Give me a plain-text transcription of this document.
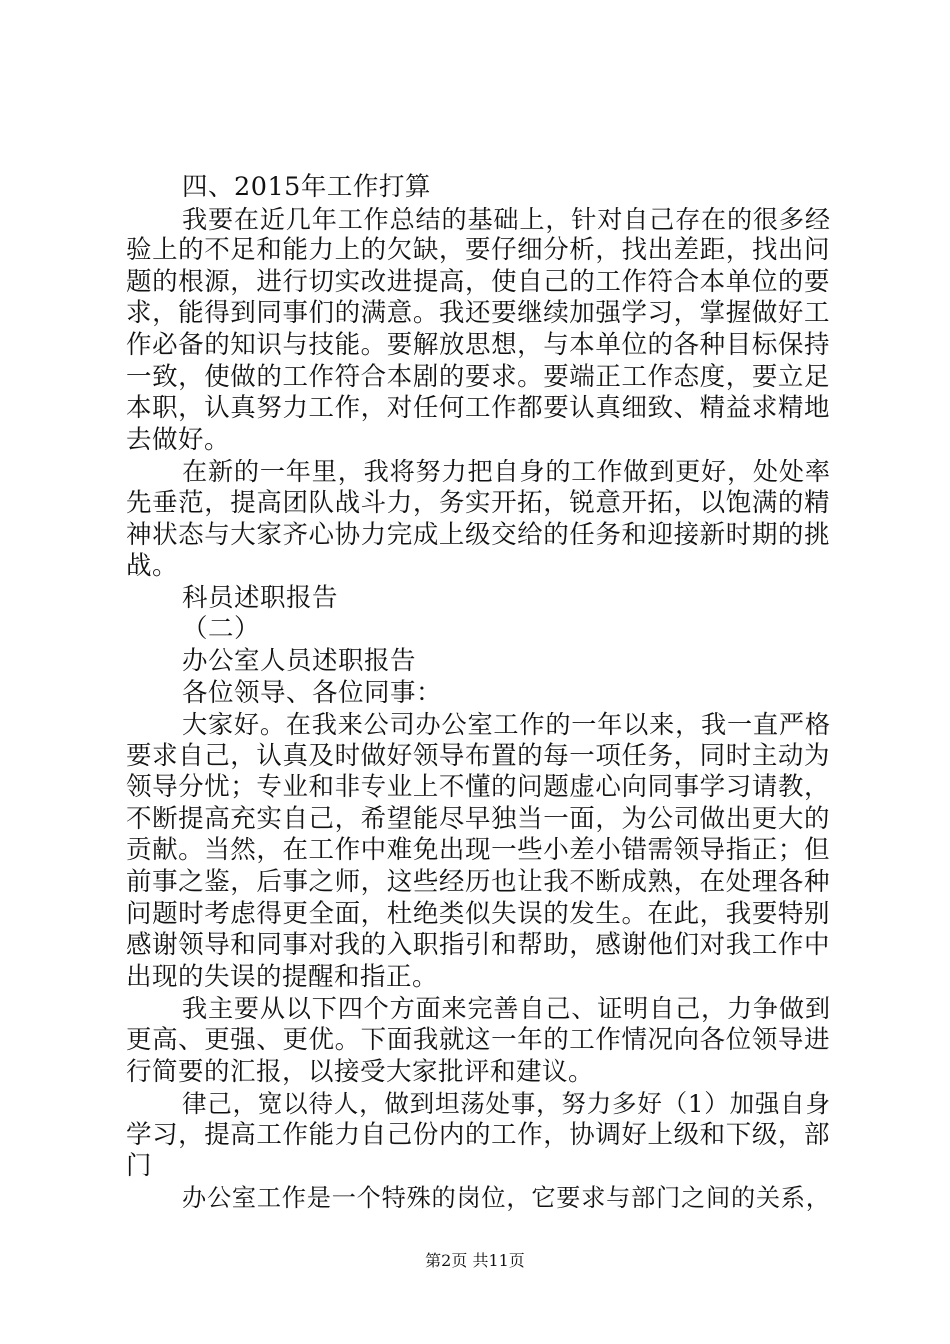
四、2015年工作打算
我要在近几年工作总结的基础上，针对自己存在的很多经
验上的不足和能力上的欠缺，要仔细分析，找出差距，找出问
题的根源，进行切实改进提高，使自己的工作符合本单位的要
求，能得到同事们的满意。我还要继续加强学习，掌握做好工
作必备的知识与技能。要解放思想，与本单位的各种目标保持
一致，使做的工作符合本剧的要求。要端正工作态度，要立足
本职，认真努力工作，对任何工作都要认真细致、精益求精地
去做好。
在新的一年里，我将努力把自身的工作做到更好，处处率
先垂范，提高团队战斗力，务实开拓，锐意开拓，以饱满的精
神状态与大家齐心协力完成上级交给的任务和迎接新时期的挑
战。
科员述职报告
（二）
办公室人员述职报告
各位领导、各位同事：
大家好。在我来公司办公室工作的一年以来，我一直严格
要求自己，认真及时做好领导布置的每一项任务，同时主动为
领导分忧；专业和非专业上不懂的问题虚心向同事学习请教，
不断提高充实自己，希望能尽早独当一面，为公司做出更大的
贡献。当然，在工作中难免出现一些小差小错需领导指正；但
前事之鉴，后事之师，这些经历也让我不断成熟，在处理各种
问题时考虑得更全面，杜绝类似失误的发生。在此，我要特别
感谢领导和同事对我的入职指引和帮助，感谢他们对我工作中
出现的失误的提醒和指正。
我主要从以下四个方面来完善自己、证明自己，力争做到
更高、更强、更优。下面我就这一年的工作情况向各位领导进
行简要的汇报，以接受大家批评和建议。
律己，宽以待人，做到坦荡处事，努力多好（1）加强自身
学习，提高工作能力自己份内的工作，协调好上级和下级，部
门
办公室工作是一个特殊的岗位，它要求与部门之间的关系，
第2页 共11页
